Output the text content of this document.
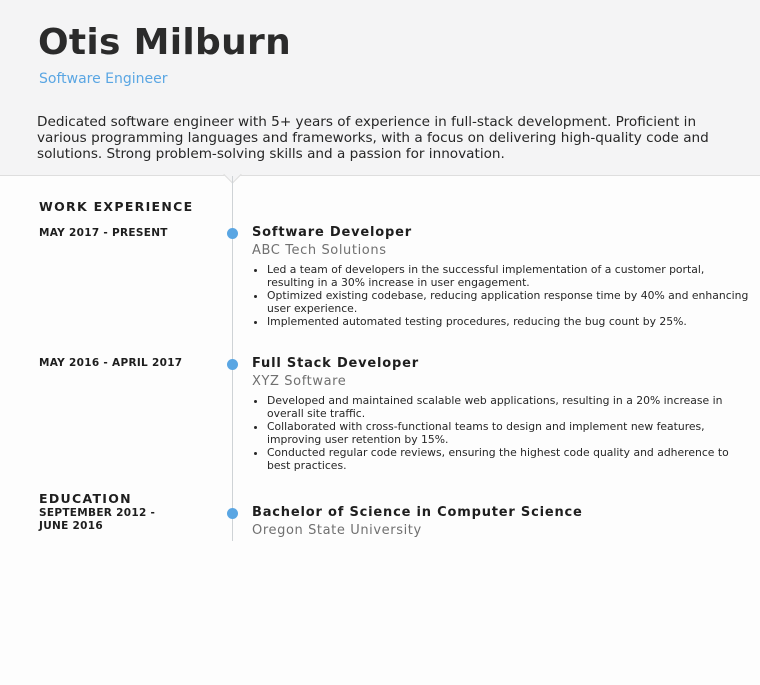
Otis Milburn
Software Engineer

Dedicated software engineer with 5+ years of experience in full-stack development. Proficient in various programming languages and frameworks, with a focus on delivering high-quality code and solutions. Strong problem-solving skills and a passion for innovation.

WORK EXPERIENCE
MAY 2017 - PRESENT	Software Developer
ABC Tech Solutions
• Led a team of developers in the successful implementation of a customer portal, resulting in a 30% increase in user engagement.
• Optimized existing codebase, reducing application response time by 40% and enhancing user experience.
• Implemented automated testing procedures, reducing the bug count by 25%.
MAY 2016 - APRIL 2017	Full Stack Developer
XYZ Software
• Developed and maintained scalable web applications, resulting in a 20% increase in overall site traffic.
• Collaborated with cross-functional teams to design and implement new features, improving user retention by 15%.
• Conducted regular code reviews, ensuring the highest code quality and adherence to best practices.
EDUCATION
SEPTEMBER 2012 - JUNE 2016
Bachelor of Science in Computer Science
Oregon State University
